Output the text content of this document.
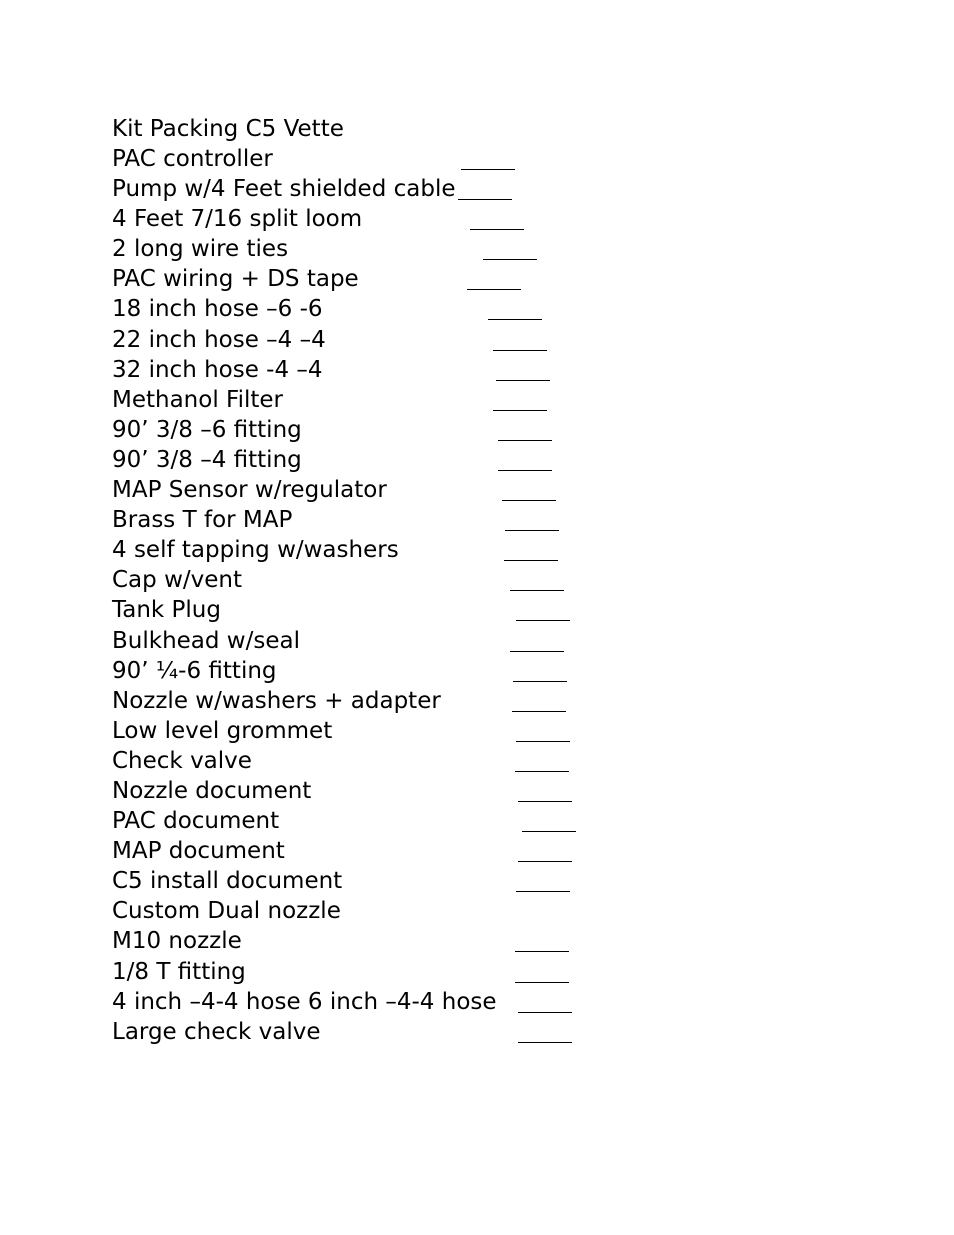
Kit Packing C5 Vette
PAC controller
Pump w/4 Feet shielded cable
4 Feet 7/16 split loom
2 long wire ties
PAC wiring + DS tape
18 inch hose –6 -6
22 inch hose –4 –4
32 inch hose -4 –4
Methanol Filter
90’ 3/8 –6 fitting
90’ 3/8 –4 fitting
MAP Sensor w/regulator
Brass T for MAP
4 self tapping w/washers
Cap w/vent
Tank Plug
Bulkhead w/seal
90’ ¼-6 fitting
Nozzle w/washers + adapter
Low level grommet
Check valve
Nozzle document
PAC document
MAP document
C5 install document
Custom Dual nozzle
M10 nozzle
1/8 T fitting
4 inch –4-4 hose 6 inch –4-4 hose
Large check valve
